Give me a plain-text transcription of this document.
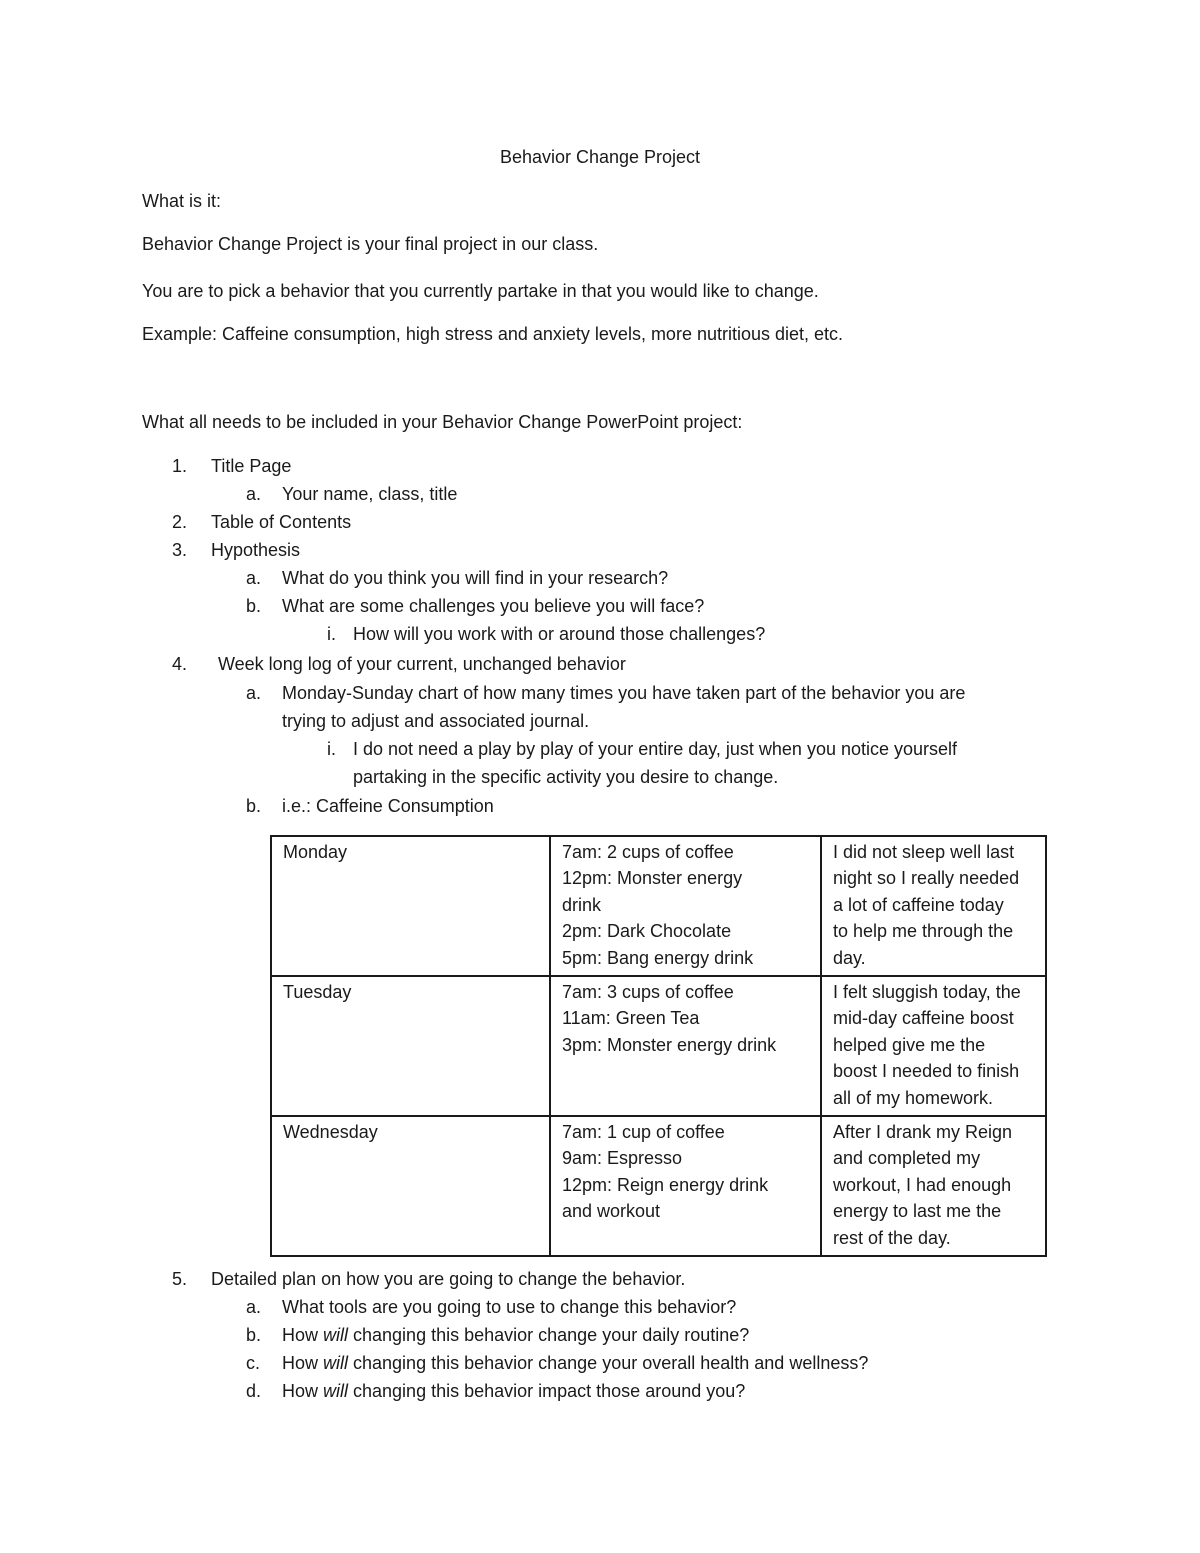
Behavior Change Project
What is it:
Behavior Change Project is your final project in our class.
You are to pick a behavior that you currently partake in that you would like to change.
Example: Caffeine consumption, high stress and anxiety levels, more nutritious diet, etc.
What all needs to be included in your Behavior Change PowerPoint project:
1. Title Page
a. Your name, class, title
2. Table of Contents
3. Hypothesis
a. What do you think you will find in your research?
b. What are some challenges you believe you will face?
i. How will you work with or around those challenges?
4. Week long log of your current, unchanged behavior
a. Monday-Sunday chart of how many times you have taken part of the behavior you are
trying to adjust and associated journal.
i. I do not need a play by play of your entire day, just when you notice yourself
partaking in the specific activity you desire to change.
b. i.e.: Caffeine Consumption
Monday	7am: 2 cups of coffee
12pm: Monster energy
drink
2pm: Dark Chocolate
5pm: Bang energy drink	I did not sleep well last
night so I really needed
a lot of caffeine today
to help me through the
day.

Tuesday	7am: 3 cups of coffee
11am: Green Tea
3pm: Monster energy drink	I felt sluggish today, the
mid-day caffeine boost
helped give me the
boost I needed to finish
all of my homework.

Wednesday	7am: 1 cup of coffee
9am: Espresso
12pm: Reign energy drink
and workout	After I drank my Reign
and completed my
workout, I had enough
energy to last me the
rest of the day.
5. Detailed plan on how you are going to change the behavior.
a. What tools are you going to use to change this behavior?
b. How will changing this behavior change your daily routine?
c. How will changing this behavior change your overall health and wellness?
d. How will changing this behavior impact those around you?
